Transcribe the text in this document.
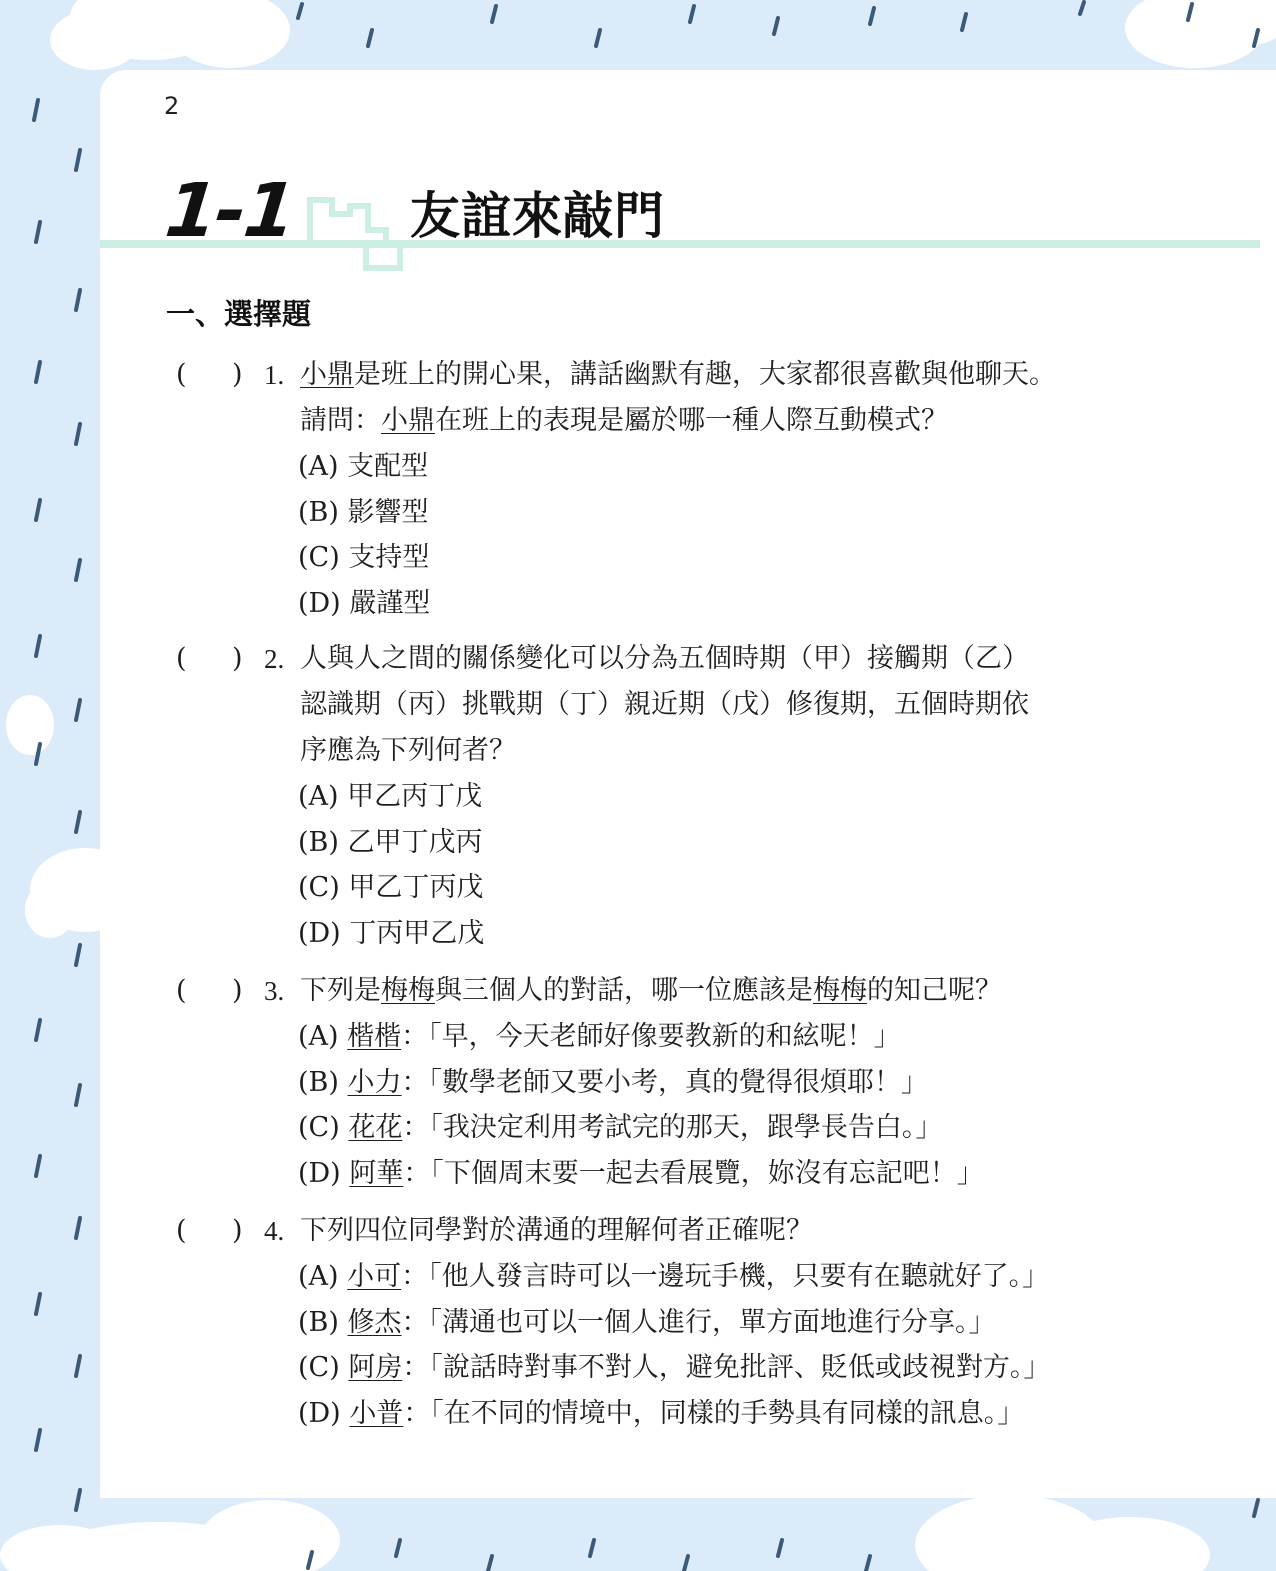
2
1-1 友誼來敲門
一、選擇題
( ) 1. 小鼎是班上的開心果，講話幽默有趣，大家都很喜歡與他聊天。
請問：小鼎在班上的表現是屬於哪一種人際互動模式？
(A) 支配型
(B) 影響型
(C) 支持型
(D) 嚴謹型
( ) 2. 人與人之間的關係變化可以分為五個時期（甲）接觸期（乙）
認識期（丙）挑戰期（丁）親近期（戊）修復期，五個時期依
序應為下列何者？
(A) 甲乙丙丁戊
(B) 乙甲丁戊丙
(C) 甲乙丁丙戊
(D) 丁丙甲乙戊
( ) 3. 下列是梅梅與三個人的對話，哪一位應該是梅梅的知己呢？
(A) 楷楷：「早，今天老師好像要教新的和絃呢！」
(B) 小力：「數學老師又要小考，真的覺得很煩耶！」
(C) 花花：「我決定利用考試完的那天，跟學長告白。」
(D) 阿華：「下個周末要一起去看展覽，妳沒有忘記吧！」
( ) 4. 下列四位同學對於溝通的理解何者正確呢？
(A) 小可：「他人發言時可以一邊玩手機，只要有在聽就好了。」
(B) 修杰：「溝通也可以一個人進行，單方面地進行分享。」
(C) 阿房：「說話時對事不對人，避免批評、貶低或歧視對方。」
(D) 小普：「在不同的情境中，同樣的手勢具有同樣的訊息。」
